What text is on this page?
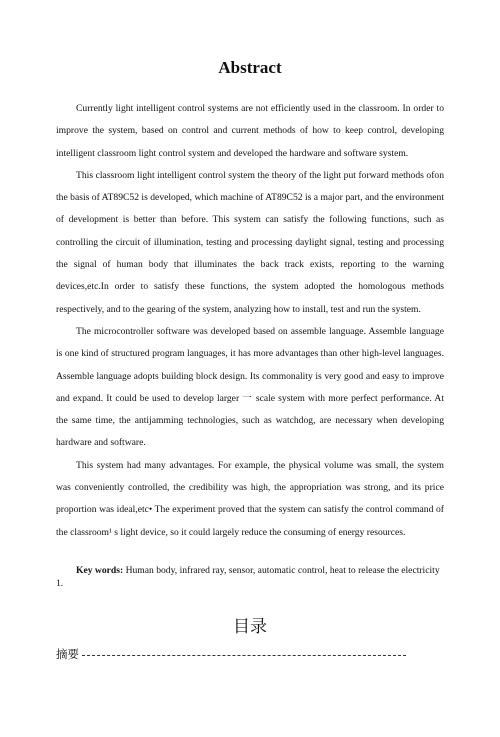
Abstract

Currently light intelligent control systems are not efficiently used in the classroom. In order to improve the system, based on control and current methods of how to keep control, developing intelligent classroom light control system and developed the hardware and software system.

This classroom light intelligent control system the theory of the light put forward methods ofon the basis of AT89C52 is developed, which machine of AT89C52 is a major part, and the environment of development is better than before. This system can satisfy the following functions, such as controlling the circuit of illumination, testing and processing daylight signal, testing and processing the signal of human body that illuminates the back track exists, reporting to the warning devices,etc.In order to satisfy these functions, the system adopted the homologous methods respectively, and to the gearing of the system, analyzing how to install, test and run the system.

The microcontroller software was developed based on assemble language. Assemble language is one kind of structured program languages, it has more advantages than other high-level languages. Assemble language adopts building block design. Its commonality is very good and easy to improve and expand. It could be used to develop larger 一 scale system with more perfect performance. At the same time, the antijamming technologies, such as watchdog, are necessary when developing hardware and software.

This system had many advantages. For example, the physical volume was small, the system was conveniently controlled, the credibility was high, the appropriation was strong, and its price proportion was ideal,etc• The experiment proved that the system can satisfy the control command of the classroom¹ s light device, so it could largely reduce the consuming of energy resources.

Key words: Human body, infrared ray, sensor, automatic control, heat to release the electricity 1.
目录
摘要
